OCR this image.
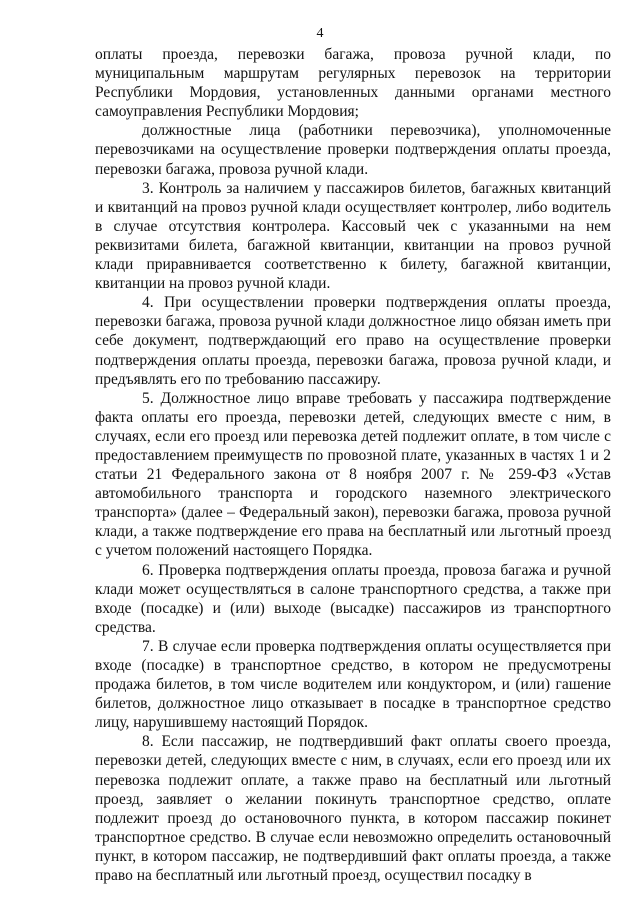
4

оплаты проезда, перевозки багажа, провоза ручной клади, по муниципальным маршрутам регулярных перевозок на территории Республики Мордовия, установленных данными органами местного самоуправления Республики Мордовия;

должностные лица (работники перевозчика), уполномоченные перевозчиками на осуществление проверки подтверждения оплаты проезда, перевозки багажа, провоза ручной клади.

3. Контроль за наличием у пассажиров билетов, багажных квитанций и квитанций на провоз ручной клади осуществляет контролер, либо водитель в случае отсутствия контролера. Кассовый чек с указанными на нем реквизитами билета, багажной квитанции, квитанции на провоз ручной клади приравнивается соответственно к билету, багажной квитанции, квитанции на провоз ручной клади.

4. При осуществлении проверки подтверждения оплаты проезда, перевозки багажа, провоза ручной клади должностное лицо обязан иметь при себе документ, подтверждающий его право на осуществление проверки подтверждения оплаты проезда, перевозки багажа, провоза ручной клади, и предъявлять его по требованию пассажиру.

5. Должностное лицо вправе требовать у пассажира подтверждение факта оплаты его проезда, перевозки детей, следующих вместе с ним, в случаях, если его проезд или перевозка детей подлежит оплате, в том числе с предоставлением преимуществ по провозной плате, указанных в частях 1 и 2 статьи 21 Федерального закона от 8 ноября 2007 г. № 259-ФЗ «Устав автомобильного транспорта и городского наземного электрического транспорта» (далее – Федеральный закон), перевозки багажа, провоза ручной клади, а также подтверждение его права на бесплатный или льготный проезд с учетом положений настоящего Порядка.

6. Проверка подтверждения оплаты проезда, провоза багажа и ручной клади может осуществляться в салоне транспортного средства, а также при входе (посадке) и (или) выходе (высадке) пассажиров из транспортного средства.

7. В случае если проверка подтверждения оплаты осуществляется при входе (посадке) в транспортное средство, в котором не предусмотрены продажа билетов, в том числе водителем или кондуктором, и (или) гашение билетов, должностное лицо отказывает в посадке в транспортное средство лицу, нарушившему настоящий Порядок.

8. Если пассажир, не подтвердивший факт оплаты своего проезда, перевозки детей, следующих вместе с ним, в случаях, если его проезд или их перевозка подлежит оплате, а также право на бесплатный или льготный проезд, заявляет о желании покинуть транспортное средство, оплате подлежит проезд до остановочного пункта, в котором пассажир покинет транспортное средство. В случае если невозможно определить остановочный пункт, в котором пассажир, не подтвердивший факт оплаты проезда, а также право на бесплатный или льготный проезд, осуществил посадку в
